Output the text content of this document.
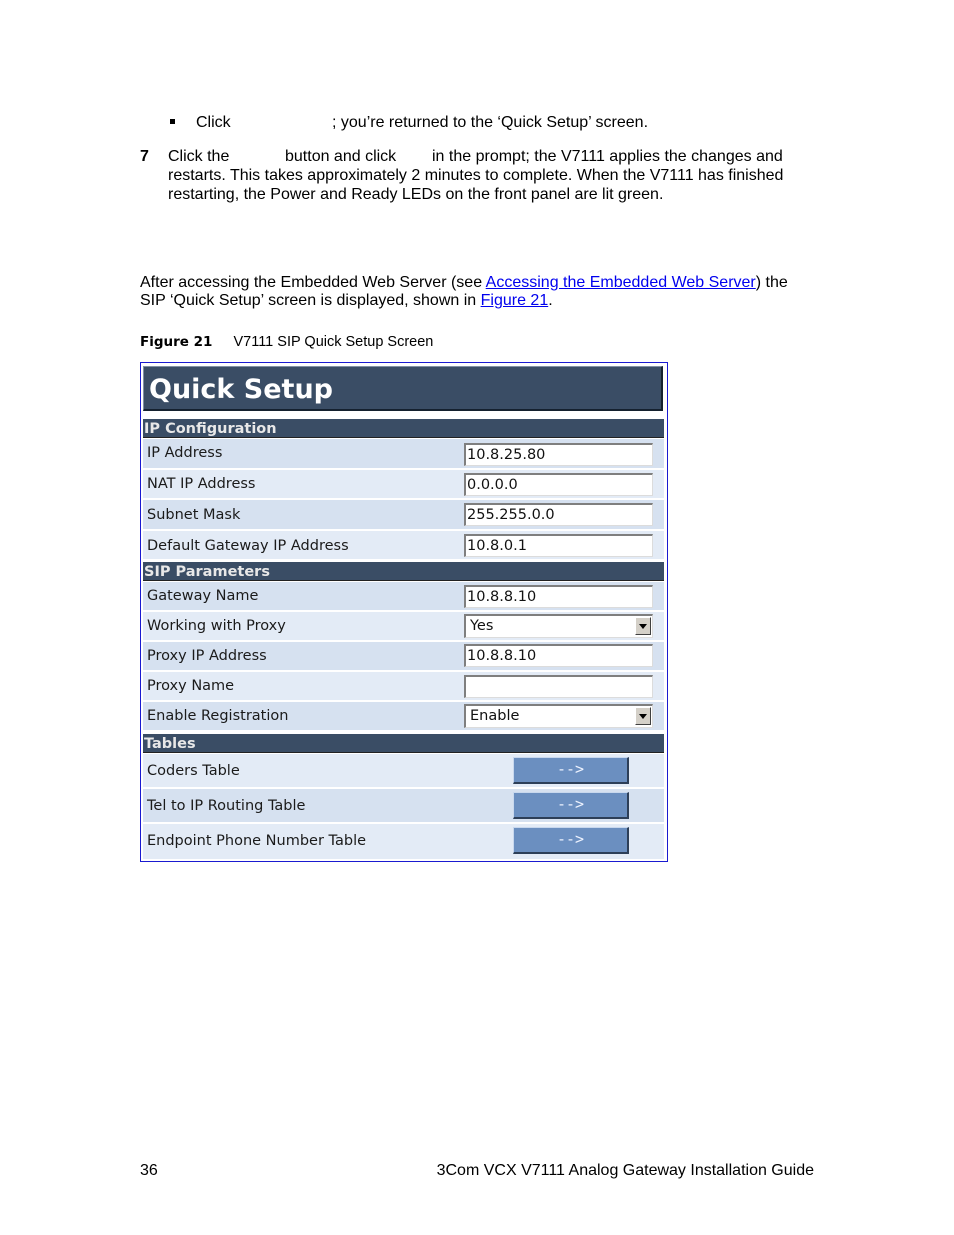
Click	; you’re returned to the ‘Quick Setup’ screen.
7 Click the	button and click in the prompt; the V7111 applies the changes and
restarts. This takes approximately 2 minutes to complete. When the V7111 has finished
restarting, the Power and Ready LEDs on the front panel are lit green.
After accessing the Embedded Web Server (see Accessing the Embedded Web Server) the
SIP ‘Quick Setup’ screen is displayed, shown in Figure 21.
Figure 21 V7111 SIP Quick Setup Screen
Quick Setup
IP Configuration
IP Address	10.8.25.80
NAT IP Address	0.0.0.0
Subnet Mask	255.255.0.0
Default Gateway IP Address	10.8.0.1
SIP Parameters
Gateway Name	10.8.8.10
Working with Proxy	Yes
Proxy IP Address	10.8.8.10
Proxy Name
Enable Registration	Enable
Tables
Coders Table	-->
Tel to IP Routing Table	-->
Endpoint Phone Number Table	-->
36	3Com VCX V7111 Analog Gateway Installation Guide
